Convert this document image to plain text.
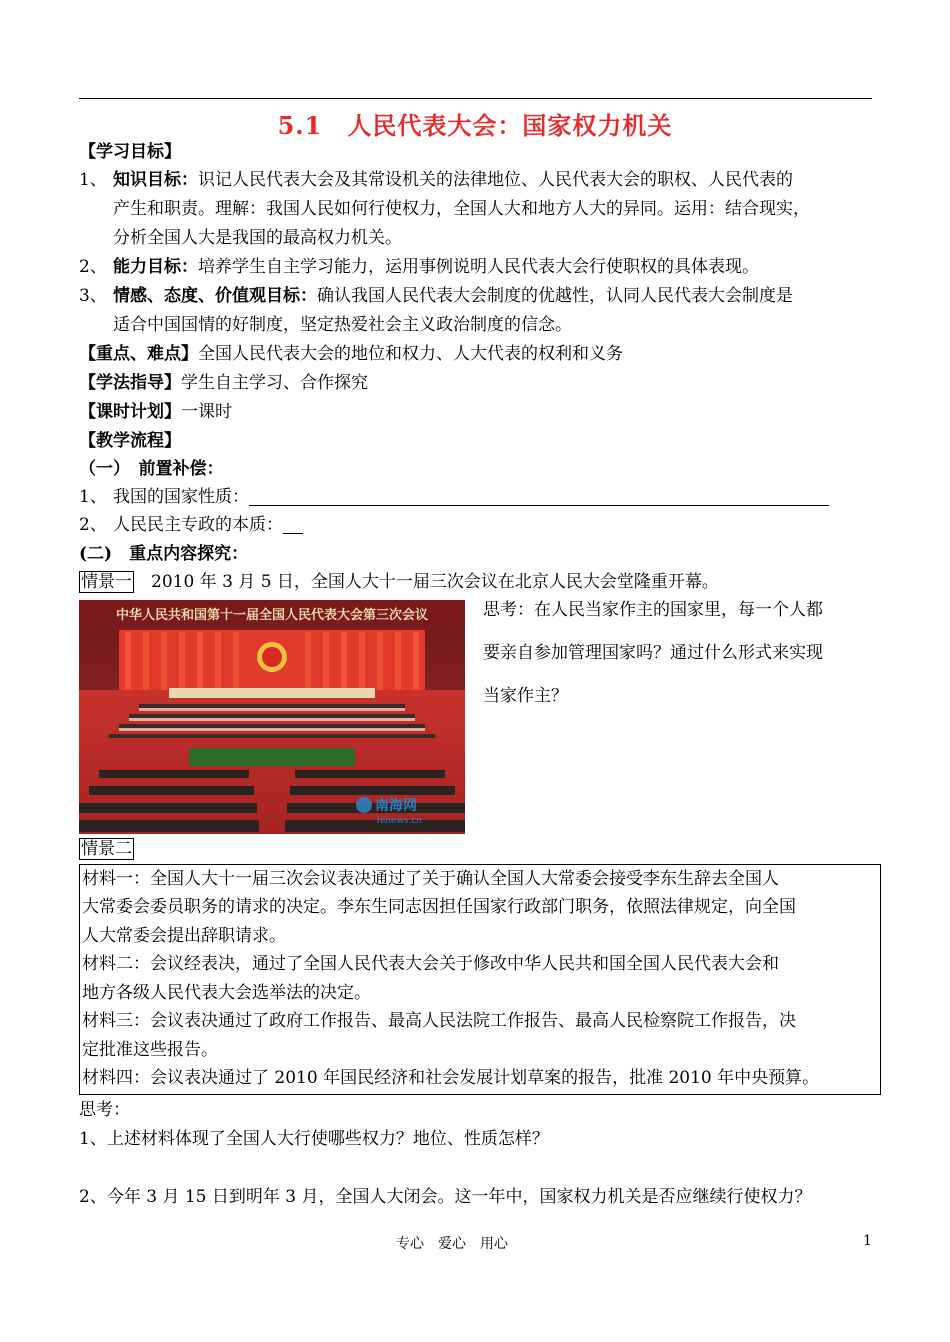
5.1　人民代表大会：国家权力机关
【学习目标】
1、 知识目标：识记人民代表大会及其常设机关的法律地位、人民代表大会的职权、人民代表的
产生和职责。理解：我国人民如何行使权力，全国人大和地方人大的异同。运用：结合现实，
分析全国人大是我国的最高权力机关。
2、 能力目标：培养学生自主学习能力，运用事例说明人民代表大会行使职权的具体表现。
3、 情感、态度、价值观目标：确认我国人民代表大会制度的优越性，认同人民代表大会制度是
适合中国国情的好制度，坚定热爱社会主义政治制度的信念。
【重点、难点】全国人民代表大会的地位和权力、人大代表的权利和义务
【学法指导】学生自主学习、合作探究
【课时计划】一课时
【教学流程】
（一）　前置补偿：
1、 我国的国家性质：
2、 人民民主专政的本质：
(二)　重点内容探究：
情景一　2010 年 3 月 5 日，全国人大十一届三次会议在北京人民大会堂隆重开幕。
中华人民共和国第十一届全国人民代表大会第三次会议
南海网
hinews.cn
思考：在人民当家作主的国家里，每一个人都
要亲自参加管理国家吗？通过什么形式来实现
当家作主？
情景二
材料一：全国人大十一届三次会议表决通过了关于确认全国人大常委会接受李东生辞去全国人
大常委会委员职务的请求的决定。李东生同志因担任国家行政部门职务，依照法律规定，向全国
人大常委会提出辞职请求。
材料二：会议经表决，通过了全国人民代表大会关于修改中华人民共和国全国人民代表大会和
地方各级人民代表大会选举法的决定。
材料三：会议表决通过了政府工作报告、最高人民法院工作报告、最高人民检察院工作报告，决
定批准这些报告。
材料四：会议表决通过了 2010 年国民经济和社会发展计划草案的报告，批准 2010 年中央预算。
思考：
1、上述材料体现了全国人大行使哪些权力？地位、性质怎样？
2、今年 3 月 15 日到明年 3 月，全国人大闭会。这一年中，国家权力机关是否应继续行使权力？
专心　爱心　用心	1
